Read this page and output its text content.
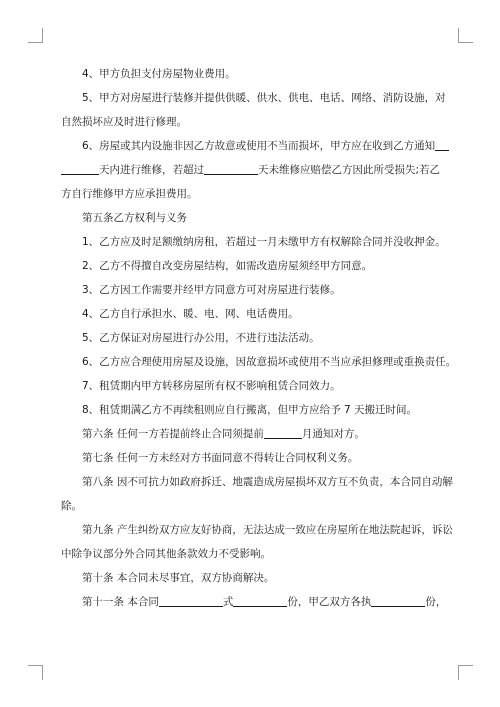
4、甲方负担支付房屋物业费用。

5、甲方对房屋进行装修并提供供暖、供水、供电、电话、网络、消防设施，对

自然损坏应及时进行修理。

6、房屋或其内设施非因乙方故意或使用不当而损坏，甲方应在收到乙方通知

天内进行维修，若超过	天未维修应赔偿乙方因此所受损失;若乙

方自行维修甲方应承担费用。

第五条乙方权利与义务

1、乙方应及时足额缴纳房租，若超过一月未缴甲方有权解除合同并没收押金。

2、乙方不得擅自改变房屋结构，如需改造房屋须经甲方同意。

3、乙方因工作需要并经甲方同意方可对房屋进行装修。

4、乙方自行承担水、暖、电、网、电话费用。

5、乙方保证对房屋进行办公用，不进行违法活动。

6、乙方应合理使用房屋及设施，因故意损坏或使用不当应承担修理或重换责任。

7、租赁期内甲方转移房屋所有权不影响租赁合同效力。

8、租赁期满乙方不再续租则应自行搬离，但甲方应给予 7 天搬迁时间。

第六条 任何一方若提前终止合同须提前	月通知对方。

第七条 任何一方未经对方书面同意不得转让合同权利义务。

第八条 因不可抗力如政府拆迁、地震造成房屋损坏双方互不负责，本合同自动解

除。

第九条 产生纠纷双方应友好协商，无法达成一致应在房屋所在地法院起诉，诉讼

中除争议部分外合同其他条款效力不受影响。

第十条 本合同未尽事宜，双方协商解决。

第十一条 本合同	式	份，甲乙双方各执	份，
